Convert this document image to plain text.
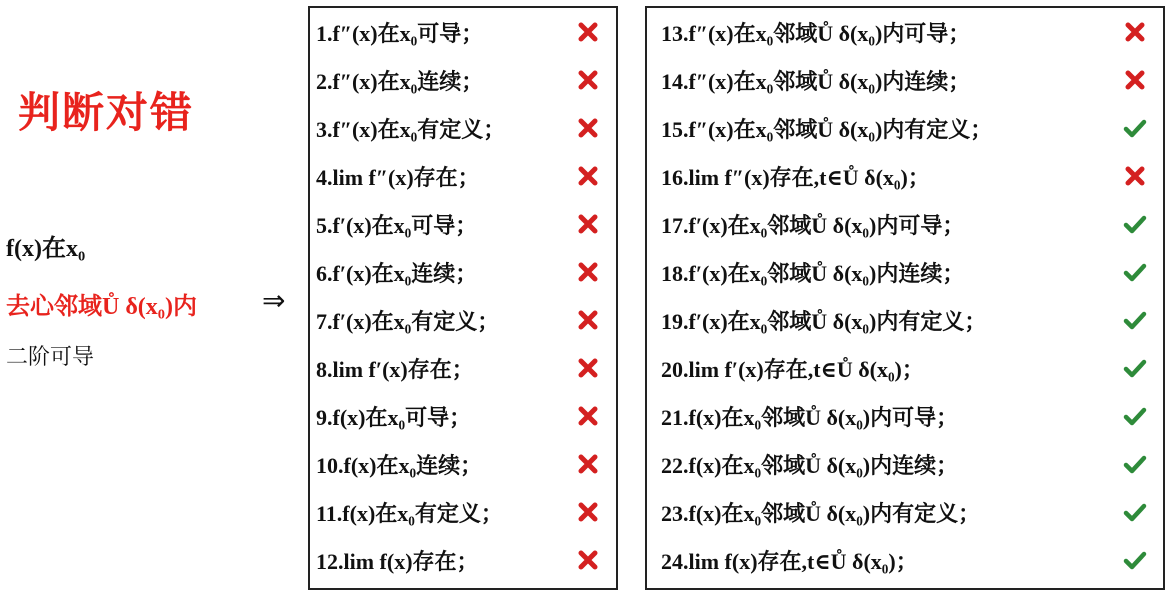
判断对错
f(x)在x₀
去心邻域Ů δ(x₀)内
二阶可导
⇒
1.f″(x)在x₀可导；
2.f″(x)在x₀连续；
3.f″(x)在x₀有定义；
4.lim f″(x)存在；
5.f′(x)在x₀可导；
6.f′(x)在x₀连续；
7.f′(x)在x₀有定义；
8.lim f′(x)存在；
9.f(x)在x₀可导；
10.f(x)在x₀连续；
11.f(x)在x₀有定义；
12.lim f(x)存在；
13.f″(x)在x₀邻域Ů δ(x₀)内可导；
14.f″(x)在x₀邻域Ů δ(x₀)内连续；
15.f″(x)在x₀邻域Ů δ(x₀)内有定义；
16.lim f″(x)存在,t∈Ů δ(x₀)；
17.f′(x)在x₀邻域Ů δ(x₀)内可导；
18.f′(x)在x₀邻域Ů δ(x₀)内连续；
19.f′(x)在x₀邻域Ů δ(x₀)内有定义；
20.lim f′(x)存在,t∈Ů δ(x₀)；
21.f(x)在x₀邻域Ů δ(x₀)内可导；
22.f(x)在x₀邻域Ů δ(x₀)内连续；
23.f(x)在x₀邻域Ů δ(x₀)内有定义；
24.lim f(x)存在,t∈Ů δ(x₀)；
